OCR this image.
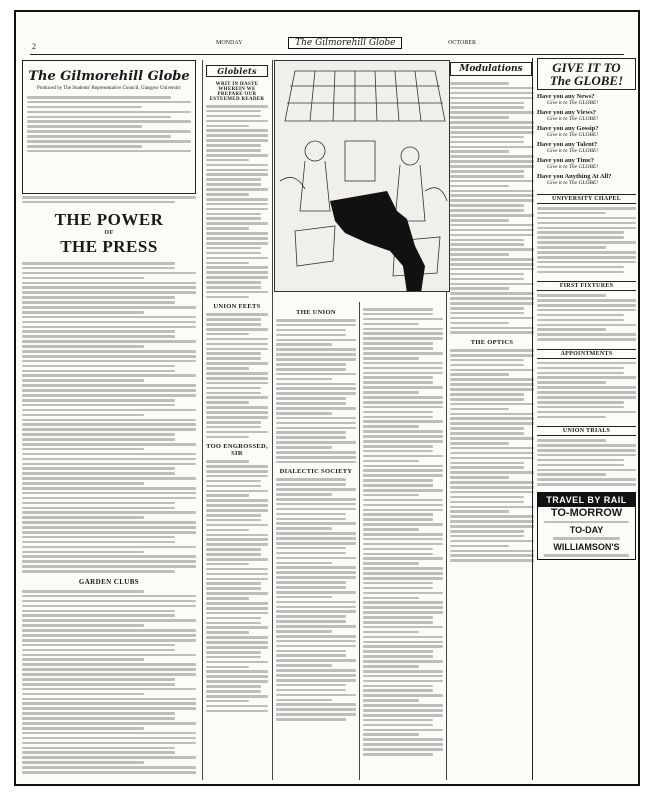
2	MONDAY	The Gilmorehill Globe	OCTOBER
The Gilmorehill Globe
Produced by The Students' Representative Council, Glasgow University
THE POWER
OF
THE PRESS
GARDEN CLUBS
Globlets
WRIT IN HASTE WHEREIN WE PREPARE OUR ESTEEMED READER
UNION FEETS
TOO ENGROSSED, SIR
THE UNION
DIALECTIC SOCIETY
Modulations
THE OPTICS
GIVE IT TO
The GLOBE!
Have you any News?
Give it to The GLOBE!
Have you any Views?
Give it to The GLOBE!
Have you any Gossip?
Give it to The GLOBE!
Have you any Talent?
Give it to The GLOBE!
Have you any Time?
Give it to The GLOBE!
Have you Anything At All?
Give it to The GLOBE!
UNIVERSITY CHAPEL
FIRST FIXTURES
APPOINTMENTS
UNION TRIALS
TRAVEL BY RAIL
TO-MORROW
TO-DAY
WILLIAMSON'S
